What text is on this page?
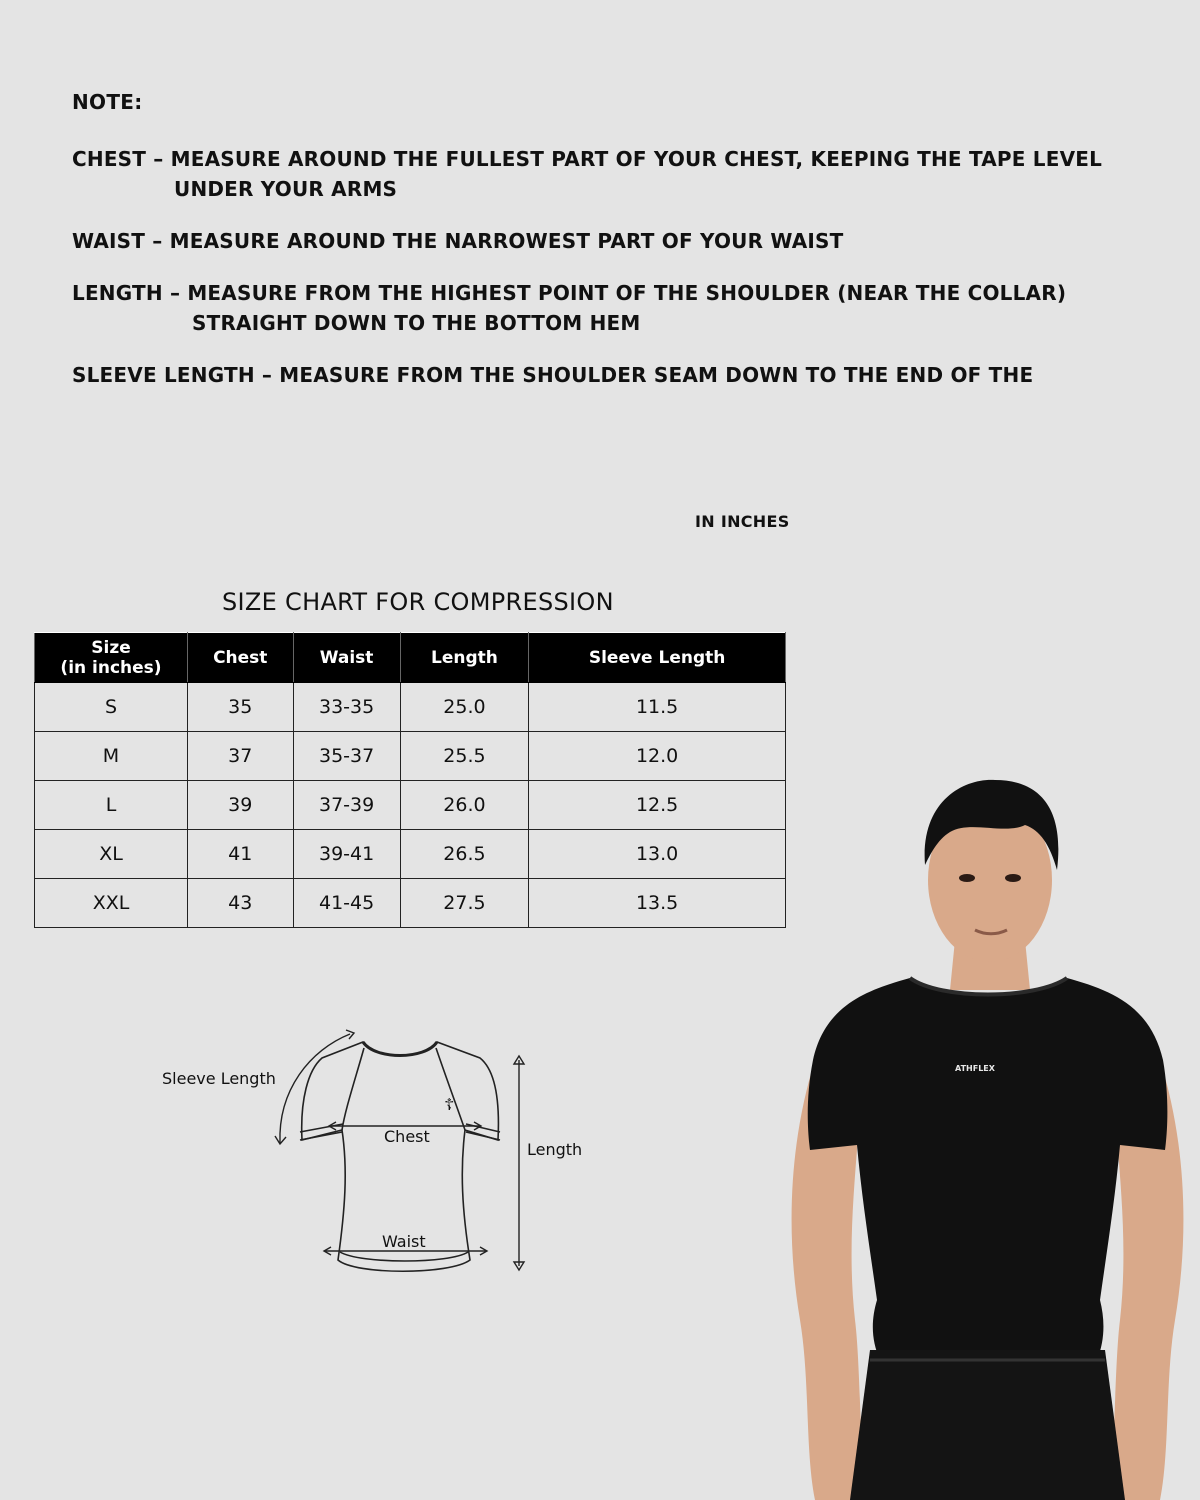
NOTE:
CHEST – MEASURE AROUND THE FULLEST PART OF YOUR CHEST, KEEPING THE TAPE LEVEL
UNDER YOUR ARMS
WAIST – MEASURE AROUND THE NARROWEST PART OF YOUR WAIST
LENGTH – MEASURE FROM THE HIGHEST POINT OF THE SHOULDER (NEAR THE COLLAR)
STRAIGHT DOWN TO THE BOTTOM HEM
SLEEVE LENGTH – MEASURE FROM THE SHOULDER SEAM DOWN TO THE END OF THE
IN INCHES
SIZE CHART FOR COMPRESSION
Size
(in inches)	Chest	Waist	Length	Sleeve Length
S	35	33-35	25.0	11.5
M	37	35-37	25.5	12.0
L	39	37-39	26.0	12.5
XL	41	39-41	26.5	13.0
XXL	43	41-45	27.5	13.5
☦
Sleeve Length
Chest
Waist
Length
ATHFLEX
